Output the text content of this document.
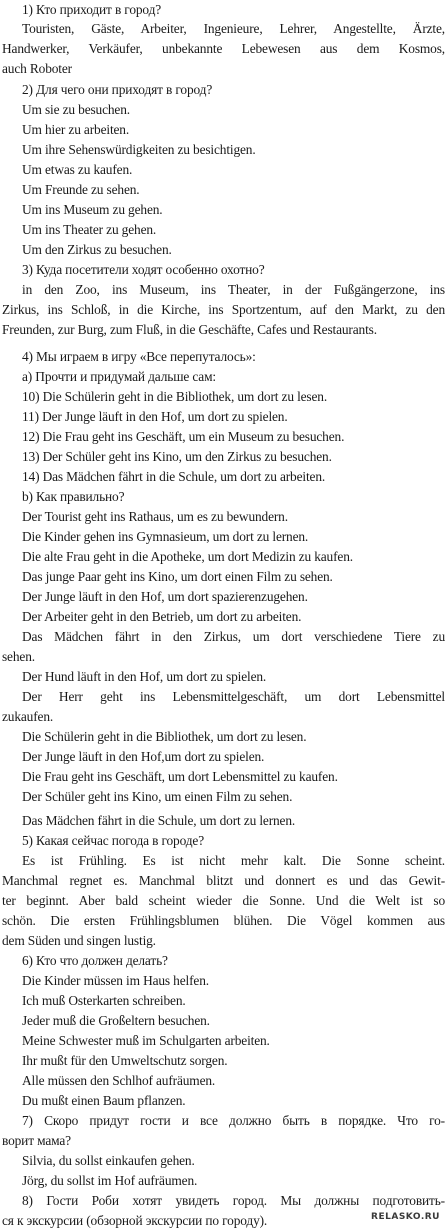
1) Кто приходит в город?
Touristen, Gäste, Arbeiter, Ingenieure, Lehrer, Angestellte, Ärzte,
Handwerker, Verkäufer, unbekannte Lebewesen aus dem Kosmos,
auch Roboter
2) Для чего они приходят в город?
Um sie zu besuchen.
Um hier zu arbeiten.
Um ihre Sehenswürdigkeiten zu besichtigen.
Um etwas zu kaufen.
Um Freunde zu sehen.
Um ins Museum zu gehen.
Um ins Theater zu gehen.
Um den Zirkus zu besuchen.
3) Куда посетители ходят особенно охотно?
in den Zoo, ins Museum, ins Theater, in der Fußgängerzone, ins
Zirkus, ins Schloß, in die Kirche, ins Sportzentum, auf den Markt, zu den
Freunden, zur Burg, zum Fluß, in die Geschäfte, Cafes und Restaurants.
4) Мы играем в игру «Все перепуталось»:
a) Прочти и придумай дальше сам:
10) Die Schülerin geht in die Bibliothek, um dort zu lesen.
11) Der Junge läuft in den Hof, um dort zu spielen.
12) Die Frau geht ins Geschäft, um ein Museum zu besuchen.
13) Der Schüler geht ins Kino, um den Zirkus zu besuchen.
14) Das Mädchen fährt in die Schule, um dort zu arbeiten.
b) Как правильно?
Der Tourist geht ins Rathaus, um es zu bewundern.
Die Kinder gehen ins Gymnasieum, um dort zu lernen.
Die alte Frau geht in die Apotheke, um dort Medizin zu kaufen.
Das junge Paar geht ins Kino, um dort einen Film zu sehen.
Der Junge läuft in den Hof, um dort spazierenzugehen.
Der Arbeiter geht in den Betrieb, um dort zu arbeiten.
Das Mädchen fährt in den Zirkus, um dort verschiedene Tiere zu
sehen.
Der Hund läuft in den Hof, um dort zu spielen.
Der Herr geht ins Lebensmittelgeschäft, um dort Lebensmittel
zukaufen.
Die Schülerin geht in die Bibliothek, um dort zu lesen.
Der Junge läuft in den Hof,um dort zu spielen.
Die Frau geht ins Geschäft, um dort Lebensmittel zu kaufen.
Der Schüler geht ins Kino, um einen Film zu sehen.
Das Mädchen fährt in die Schule, um dort zu lernen.
5) Какая сейчас погода в городе?
Es ist Frühling. Es ist nicht mehr kalt. Die Sonne scheint.
Manchmal regnet es. Manchmal blitzt und donnert es und das Gewit-
ter beginnt. Aber bald scheint wieder die Sonne. Und die Welt ist so
schön. Die ersten Frühlingsblumen blühen. Die Vögel kommen aus
dem Süden und singen lustig.
6) Кто что должен делать?
Die Kinder müssen im Haus helfen.
Ich muß Osterkarten schreiben.
Jeder muß die Großeltern besuchen.
Meine Schwester muß im Schulgarten arbeiten.
Ihr mußt für den Umweltschutz sorgen.
Alle müssen den Schlhof aufräumen.
Du mußt einen Baum pflanzen.
7) Скоро придут гости и все должно быть в порядке. Что го-
ворит мама?
Silvia, du sollst einkaufen gehen.
Jörg, du sollst im Hof aufräumen.
8) Гости Роби хотят увидеть город. Мы должны подготовить-
ся к экскурсии (обзорной экскурсии по городу).	RELASKO.RU
